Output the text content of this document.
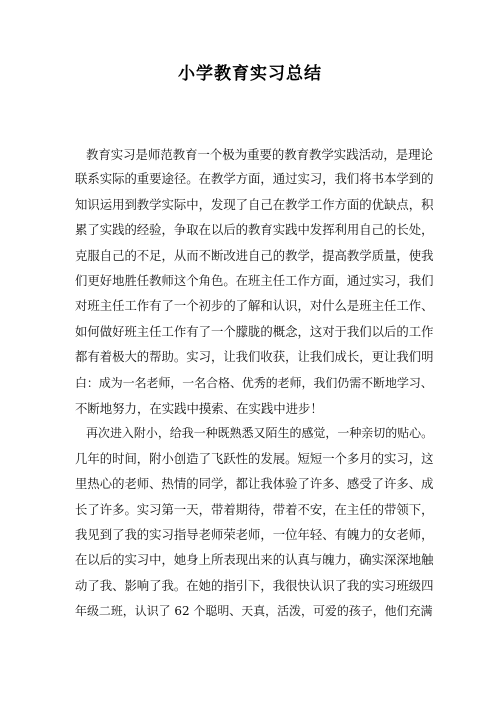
小学教育实习总结
教育实习是师范教育一个极为重要的教育教学实践活动，是理论
联系实际的重要途径。在教学方面，通过实习，我们将书本学到的
知识运用到教学实际中，发现了自己在教学工作方面的优缺点，积
累了实践的经验，争取在以后的教育实践中发挥利用自己的长处，
克服自己的不足，从而不断改进自己的教学，提高教学质量，使我
们更好地胜任教师这个角色。在班主任工作方面，通过实习，我们
对班主任工作有了一个初步的了解和认识，对什么是班主任工作、
如何做好班主任工作有了一个朦胧的概念，这对于我们以后的工作
都有着极大的帮助。实习，让我们收获，让我们成长，更让我们明
白：成为一名老师，一名合格、优秀的老师，我们仍需不断地学习、
不断地努力，在实践中摸索、在实践中进步！
再次进入附小，给我一种既熟悉又陌生的感觉，一种亲切的贴心。
几年的时间，附小创造了飞跃性的发展。短短一个多月的实习，这
里热心的老师、热情的同学，都让我体验了许多、感受了许多、成
长了许多。实习第一天，带着期待，带着不安，在主任的带领下，
我见到了我的实习指导老师荣老师，一位年轻、有魄力的女老师，
在以后的实习中，她身上所表现出来的认真与魄力，确实深深地触
动了我、影响了我。在她的指引下，我很快认识了我的实习班级四
年级二班，认识了 62 个聪明、天真，活泼，可爱的孩子，他们充满
